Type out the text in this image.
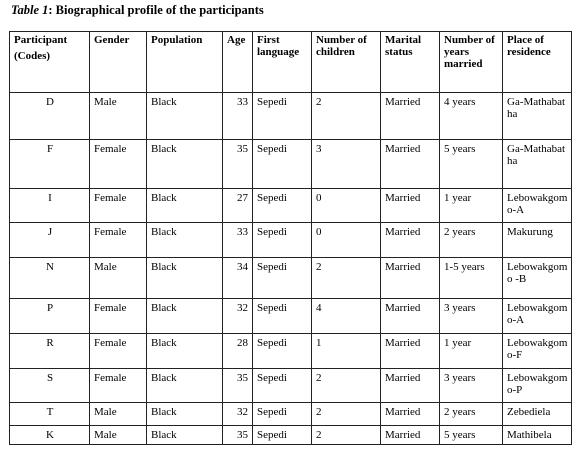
Table 1: Biographical profile of the participants
Participant
(Codes)	Gender	Population	Age	First language	Number of children	Marital status	Number of years married	Place of residence
D	Male	Black	33	Sepedi	2	Married	4 years	Ga-Mathabatha
F	Female	Black	35	Sepedi	3	Married	5 years	Ga-Mathabatha
I	Female	Black	27	Sepedi	0	Married	1 year	Lebowakgomo-A
J	Female	Black	33	Sepedi	0	Married	2 years	Makurung
N	Male	Black	34	Sepedi	2	Married	1-5 years	Lebowakgomo -B
P	Female	Black	32	Sepedi	4	Married	3 years	Lebowakgomo-A
R	Female	Black	28	Sepedi	1	Married	1 year	Lebowakgomo-F
S	Female	Black	35	Sepedi	2	Married	3 years	Lebowakgomo-P
T	Male	Black	32	Sepedi	2	Married	2 years	Zebediela
K	Male	Black	35	Sepedi	2	Married	5 years	Mathibela
